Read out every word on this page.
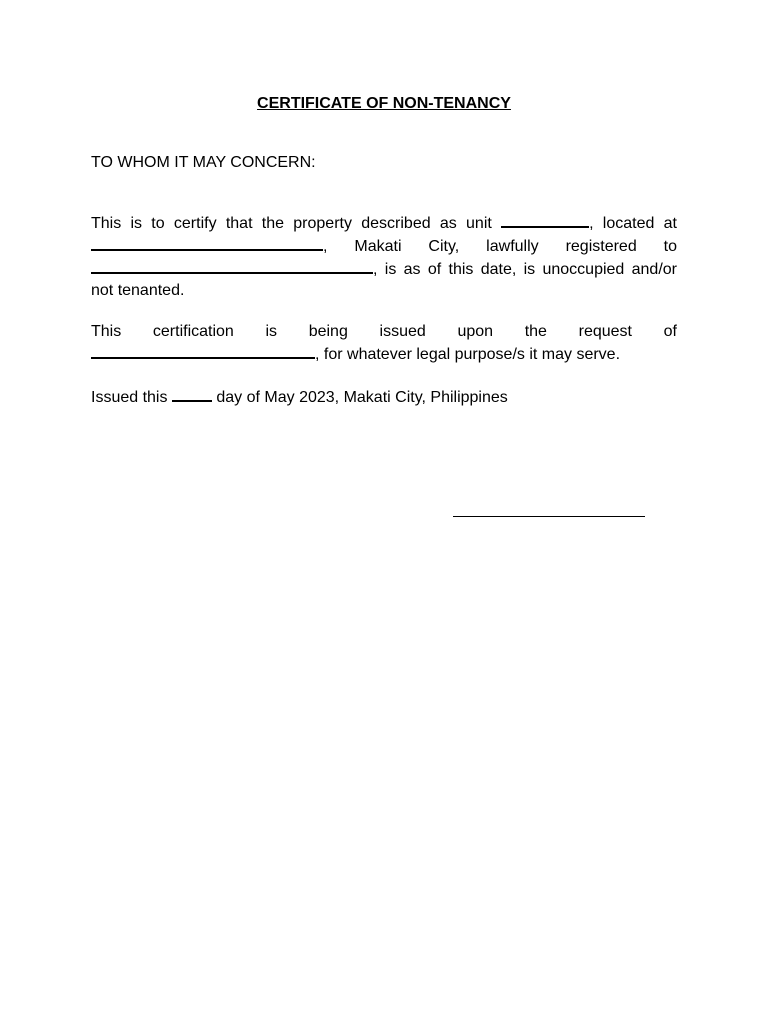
CERTIFICATE OF NON-TENANCY

TO WHOM IT MAY CONCERN:

This is to certify that the property described as unit	, located at , Makati City, lawfully registered to , is as of this date, is unoccupied and/or not tenanted.

This certification is being issued upon the request of , for whatever legal purpose/s it may serve.

Issued this	day of May 2023, Makati City, Philippines
